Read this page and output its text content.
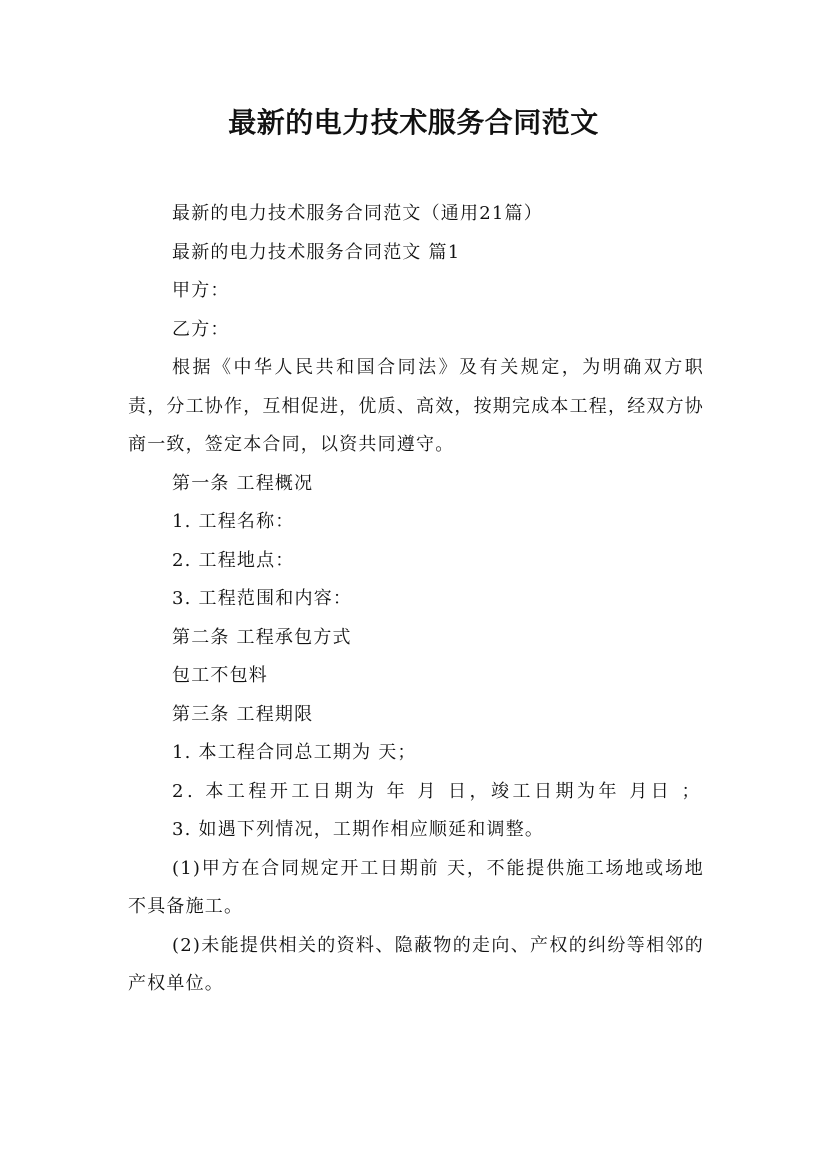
最新的电力技术服务合同范文

最新的电力技术服务合同范文（通用21篇）

最新的电力技术服务合同范文 篇1

甲方：

乙方：

根据《中华人民共和国合同法》及有关规定，为明确双方职责，分工协作，互相促进，优质、高效，按期完成本工程，经双方协商一致，签定本合同，以资共同遵守。

第一条 工程概况

1. 工程名称：

2. 工程地点：

3. 工程范围和内容：

第二条 工程承包方式

包工不包料

第三条 工程期限

1. 本工程合同总工期为 天；

2. 本工程开工日期为 年 月 日，竣工日期为年 月日 ；

3. 如遇下列情况，工期作相应顺延和调整。

(1)甲方在合同规定开工日期前 天，不能提供施工场地或场地不具备施工。

(2)未能提供相关的资料、隐蔽物的走向、产权的纠纷等相邻的产权单位。
